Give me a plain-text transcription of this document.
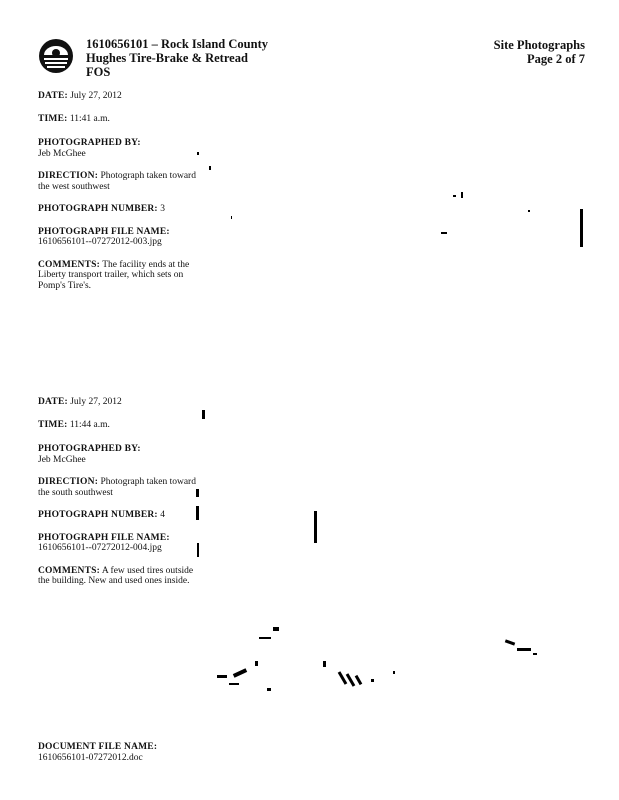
1610656101 – Rock Island County
Hughes Tire-Brake & Retread
FOS
Site Photographs
Page 2 of 7
DATE: July 27, 2012
TIME: 11:41 a.m.
PHOTOGRAPHED BY:
Jeb McGhee
DIRECTION: Photograph taken toward the west southwest
PHOTOGRAPH NUMBER: 3
PHOTOGRAPH FILE NAME:
1610656101--07272012-003.jpg
COMMENTS: The facility ends at the Liberty transport trailer, which sets on Pomp's Tire's.
DATE: July 27, 2012
TIME: 11:44 a.m.
PHOTOGRAPHED BY:
Jeb McGhee
DIRECTION: Photograph taken toward the south southwest
PHOTOGRAPH NUMBER: 4
PHOTOGRAPH FILE NAME:
1610656101--07272012-004.jpg
COMMENTS: A few used tires outside the building. New and used ones inside.
DOCUMENT FILE NAME:
1610656101-07272012.doc
